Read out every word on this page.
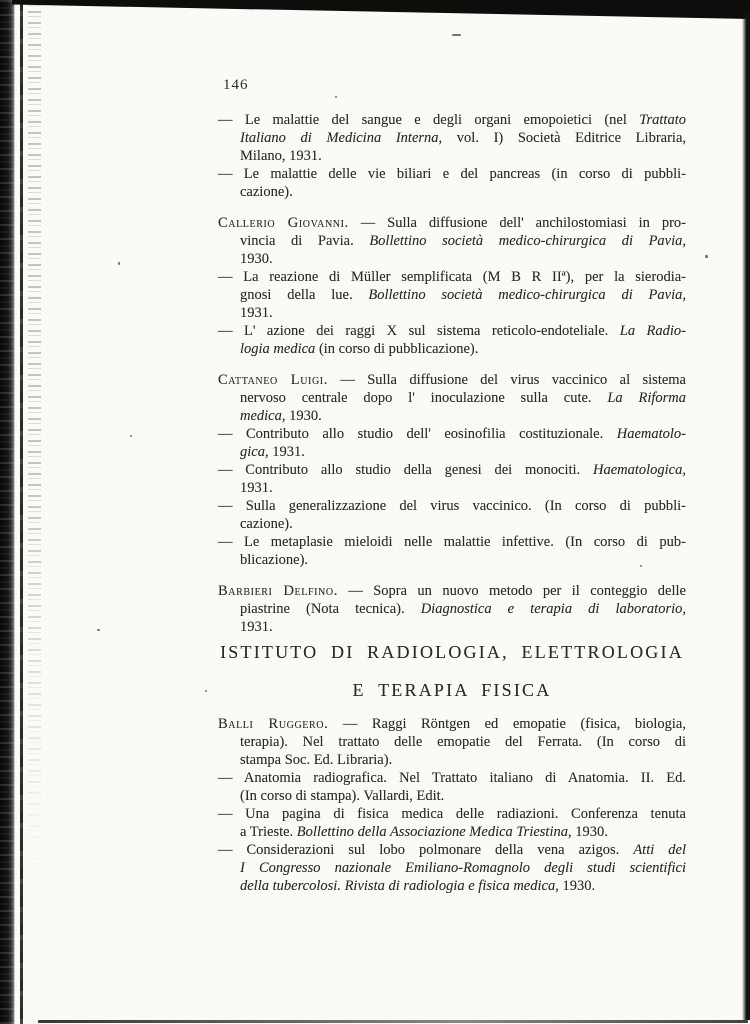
146
— Le malattie del sangue e degli organi emopoietici (nel Trattato
Italiano di Medicina Interna, vol. I) Società Editrice Libraria,
Milano, 1931.
— Le malattie delle vie biliari e del pancreas (in corso di pubbli-
cazione).
Callerio Giovanni. — Sulla diffusione dell' anchilostomiasi in pro-
vincia di Pavia. Bollettino società medico-chirurgica di Pavia,
1930.
— La reazione di Müller semplificata (M B R IIª), per la sierodia-
gnosi della lue. Bollettino società medico-chirurgica di Pavia,
1931.
— L' azione dei raggi X sul sistema reticolo-endoteliale. La Radio-
logia medica (in corso di pubblicazione).
Cattaneo Luigi. — Sulla diffusione del virus vaccinico al sistema
nervoso centrale dopo l' inoculazione sulla cute. La Riforma
medica, 1930.
— Contributo allo studio dell' eosinofilia costituzionale. Haematolo-
gica, 1931.
— Contributo allo studio della genesi dei monociti. Haematologica,
1931.
— Sulla generalizzazione del virus vaccinico. (In corso di pubbli-
cazione).
— Le metaplasie mieloidi nelle malattie infettive. (In corso di pub-
blicazione).
Barbieri Delfino. — Sopra un nuovo metodo per il conteggio delle
piastrine (Nota tecnica). Diagnostica e terapia di laboratorio,
1931.
ISTITUTO DI RADIOLOGIA, ELETTROLOGIA
E TERAPIA FISICA
Balli Ruggero. — Raggi Röntgen ed emopatie (fisica, biologia,
terapia). Nel trattato delle emopatie del Ferrata. (In corso di
stampa Soc. Ed. Libraria).
— Anatomia radiografica. Nel Trattato italiano di Anatomia. II. Ed.
(In corso di stampa). Vallardi, Edit.
— Una pagina di fisica medica delle radiazioni. Conferenza tenuta
a Trieste. Bollettino della Associazione Medica Triestina, 1930.
— Considerazioni sul lobo polmonare della vena azigos. Atti del
I Congresso nazionale Emiliano-Romagnolo degli studi scientifici
della tubercolosi. Rivista di radiologia e fisica medica, 1930.
